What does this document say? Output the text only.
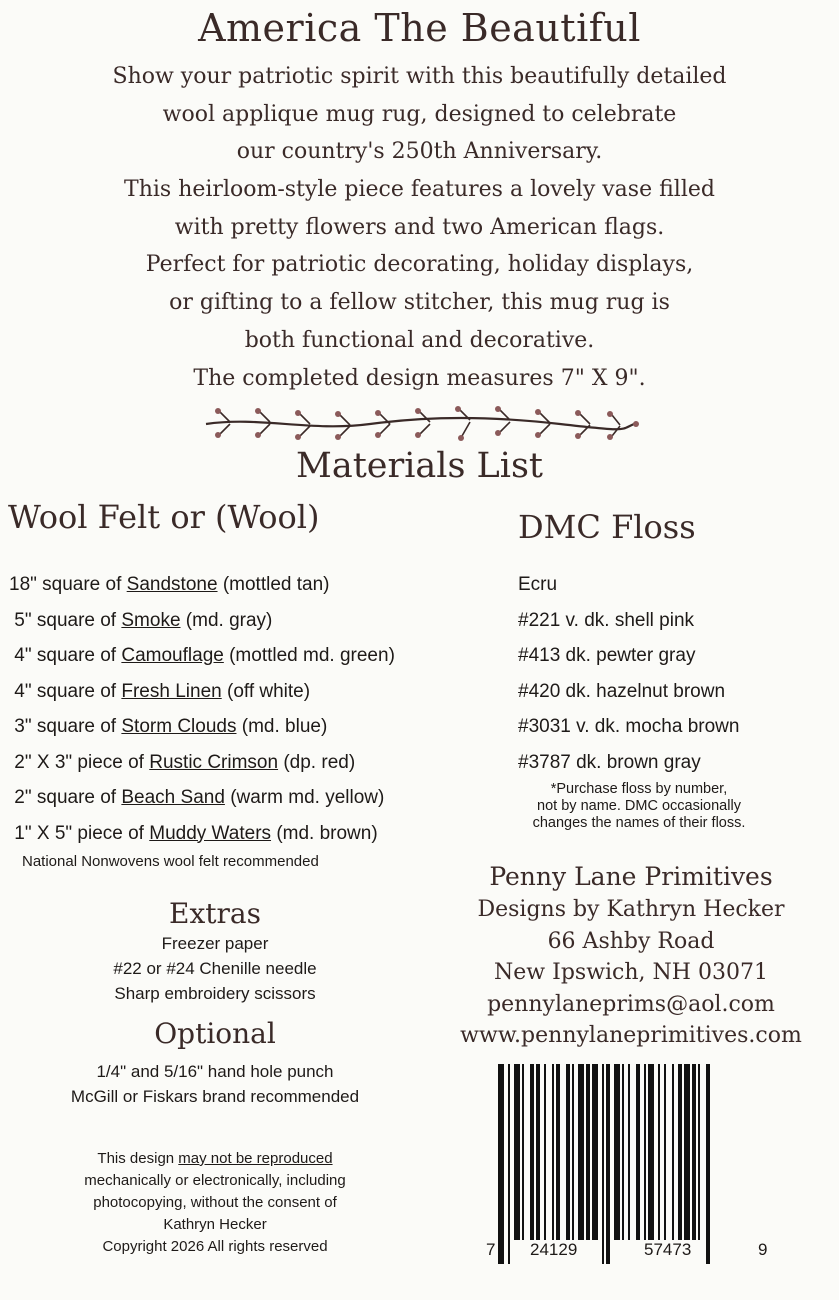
America The Beautiful
Show your patriotic spirit with this beautifully detailed
wool applique mug rug, designed to celebrate
our country's 250th Anniversary.
This heirloom-style piece features a lovely vase filled
with pretty flowers and two American flags.
Perfect for patriotic decorating, holiday displays,
or gifting to a fellow stitcher, this mug rug is
both functional and decorative.
The completed design measures 7" X 9".
Materials List
Wool Felt or (Wool)	DMC Floss
18" square of Sandstone (mottled tan)
5" square of Smoke (md. gray)
4" square of Camouflage (mottled md. green)
4" square of Fresh Linen (off white)
3" square of Storm Clouds (md. blue)
2" X 3" piece of Rustic Crimson (dp. red)
2" square of Beach Sand (warm md. yellow)
1" X 5" piece of Muddy Waters (md. brown)
National Nonwovens wool felt recommended
Ecru
#221 v. dk. shell pink
#413 dk. pewter gray
#420 dk. hazelnut brown
#3031 v. dk. mocha brown
#3787 dk. brown gray
*Purchase floss by number,
not by name. DMC occasionally
changes the names of their floss.
Extras
Freezer paper
#22 or #24 Chenille needle
Sharp embroidery scissors
Optional
1/4" and 5/16" hand hole punch
McGill or Fiskars brand recommended
This design may not be reproduced
mechanically or electronically, including
photocopying, without the consent of
Kathryn Hecker
Copyright 2026 All rights reserved
Penny Lane Primitives
Designs by Kathryn Hecker
66 Ashby Road
New Ipswich, NH 03071
pennylaneprims@aol.com
www.pennylaneprimitives.com
7 24129	57473	9
